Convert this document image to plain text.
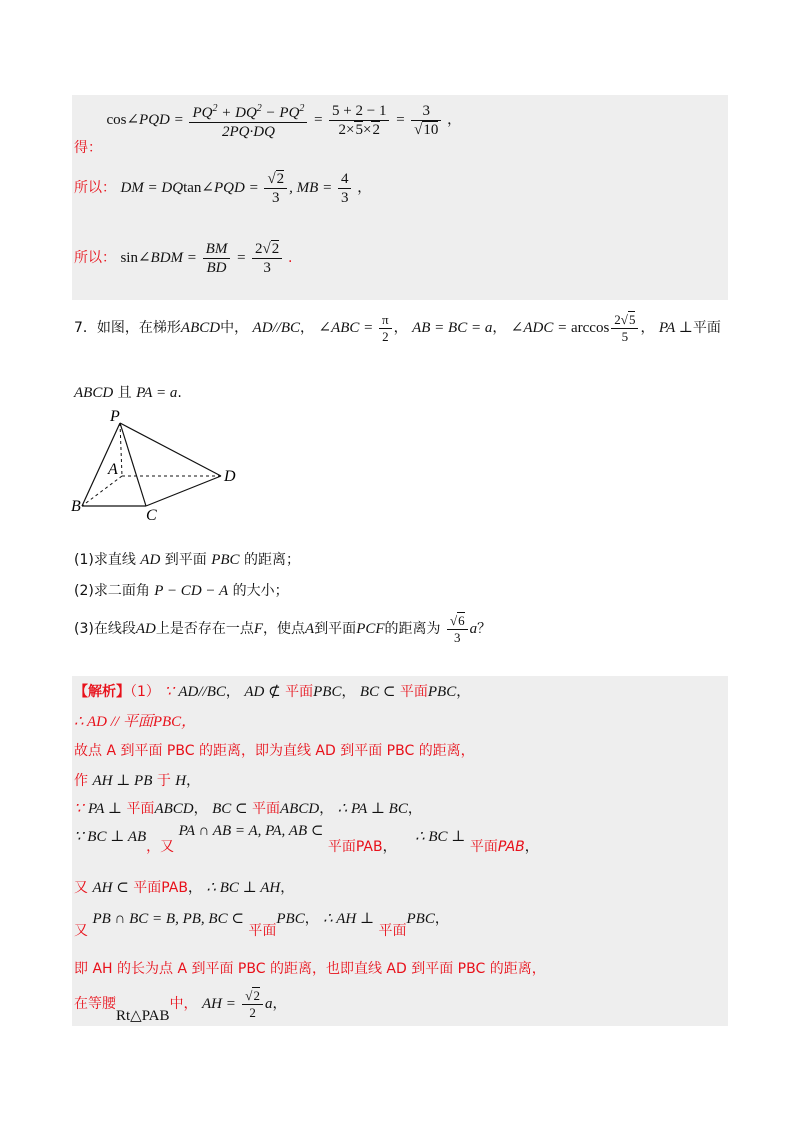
得： cos∠PQD = $\frac{PQ^2 + DQ^2 - PQ^2}{2PQ\cdot DQ} = \frac{5 + 2 - 1}{2\times 5\times 2} = \frac{3}{√10}$ ，
所以： DM = DQtan∠PQD = $\frac{√2}{3}$ , MB = $\frac{4}{3}$ ，
所以： sin∠BDM = $\frac{BM}{BD} = \frac{2√2}{3}$ .
7．如图，在梯形ABCD中， AD//BC， ∠ABC = $\frac{\pi}{2}$ ， AB = BC = a， ∠ADC = $\arccos \frac{2√5}{5}$ ， PA ⊥平面
ABCD 且 PA = a.
P
A	D
B
C
(1)求直线 AD 到平面 PBC 的距离；
(2)求二面角 P − CD − A 的大小；
(3)在线段AD上是否存在一点F，使点A到平面PCF的距离为 $\frac{√6}{3}$ a？
【解析】（1） ∵ AD//BC， AD ⊄ 平面PBC， BC ⊂ 平面PBC，
∴ AD // 平面PBC，
故点 A 到平面 PBC 的距离，即为直线 AD 到平面 PBC 的距离，
作 AH ⊥ PB 于 H，
∵ PA ⊥ 平面ABCD， BC ⊂ 平面ABCD， ∴ PA ⊥ BC，
∵ BC ⊥ AB，又 PA ∩ AB = A, PA, AB ⊂ 平面PAB， ∴ BC ⊥ 平面PAB，
又 AH ⊂ 平面PAB， ∴ BC ⊥ AH，
又 PB ∩ BC = B, PB, BC ⊂ 平面PBC， ∴ AH ⊥ 平面PBC，
即 AH 的长为点 A 到平面 PBC 的距离，也即直线 AD 到平面 PBC 的距离，
在等腰Rt△PAB中， AH = $\frac{√2}{2}$ a，
